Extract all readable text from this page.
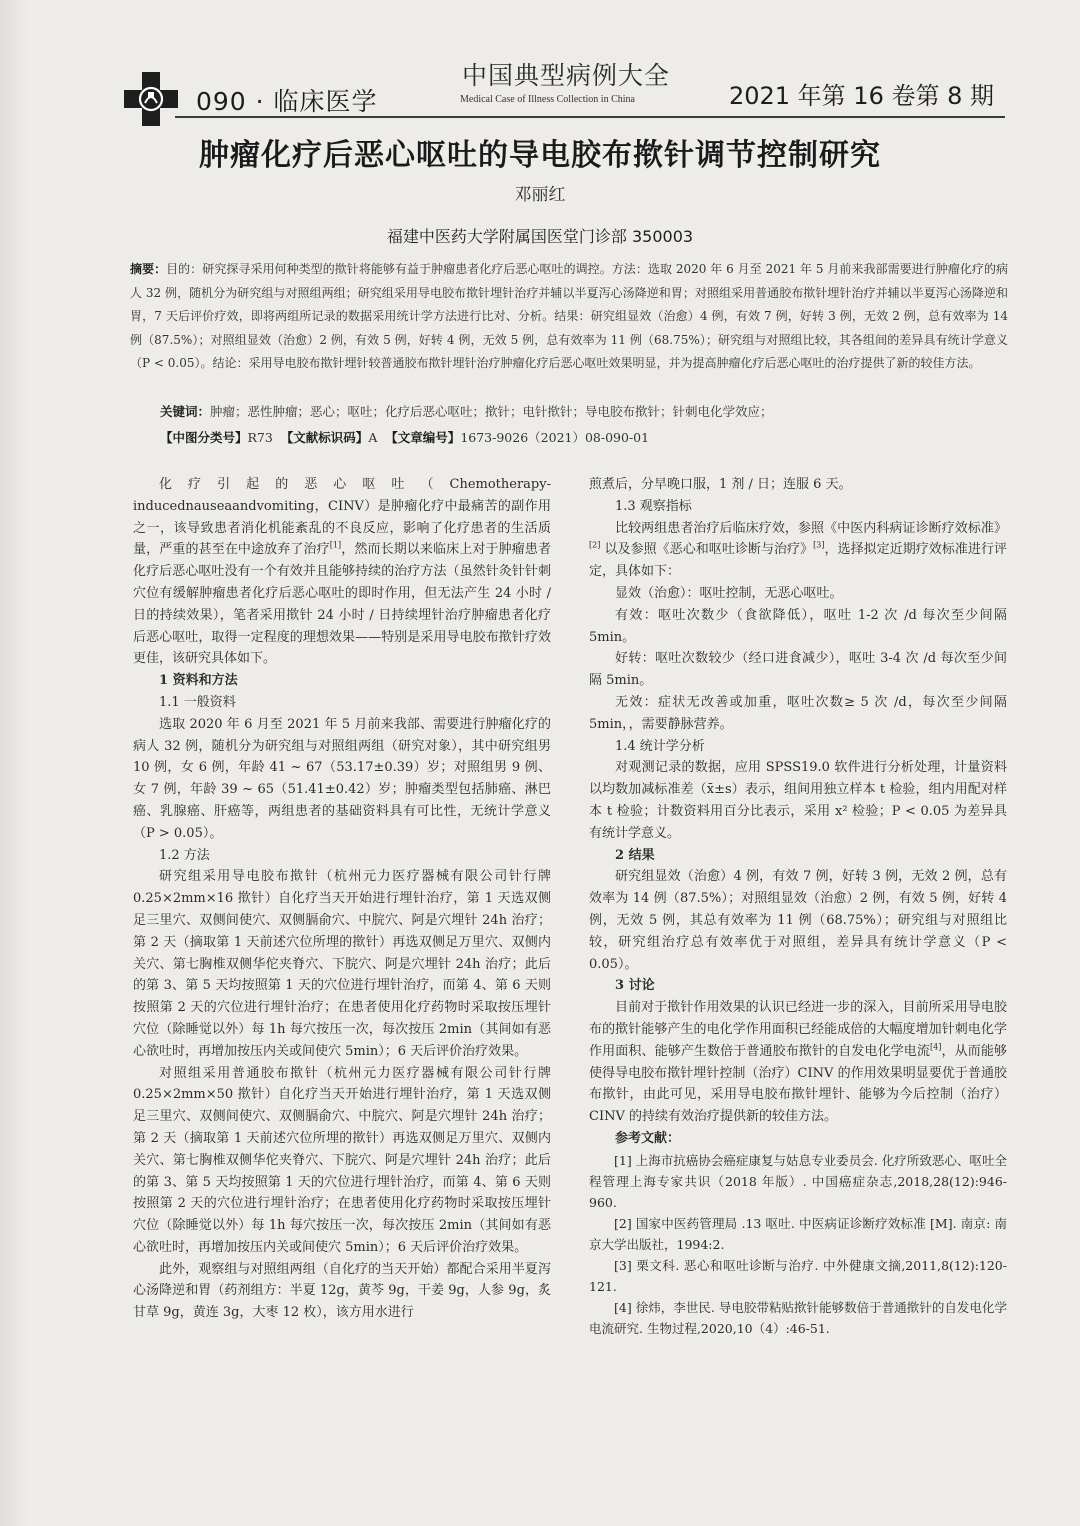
090 · 临床医学
中国典型病例大全
Medical Case of Illness Collection in China	2021 年第 16 卷第 8 期
肿瘤化疗后恶心呕吐的导电胶布揿针调节控制研究
邓丽红
福建中医药大学附属国医堂门诊部 350003
摘要：目的：研究探寻采用何种类型的揿针将能够有益于肿瘤患者化疗后恶心呕吐的调控。方法：选取 2020 年 6 月至 2021 年 5 月前来我部需要进行肿瘤化疗的病人 32 例，随机分为研究组与对照组两组；研究组采用导电胶布揿针埋针治疗并辅以半夏泻心汤降逆和胃；对照组采用普通胶布揿针埋针治疗并辅以半夏泻心汤降逆和胃，7 天后评价疗效，即将两组所记录的数据采用统计学方法进行比对、分析。结果：研究组显效（治愈）4 例，有效 7 例，好转 3 例，无效 2 例，总有效率为 14 例（87.5%）；对照组显效（治愈）2 例，有效 5 例，好转 4 例，无效 5 例，总有效率为 11 例（68.75%）；研究组与对照组比较，其各组间的差异具有统计学意义（P < 0.05）。结论：采用导电胶布揿针埋针较普通胶布揿针埋针治疗肿瘤化疗后恶心呕吐效果明显，并为提高肿瘤化疗后恶心呕吐的治疗提供了新的较佳方法。
关键词：肿瘤；恶性肿瘤；恶心；呕吐；化疗后恶心呕吐；揿针；电针揿针；导电胶布揿针；针刺电化学效应；
【中图分类号】R73 【文献标识码】A 【文章编号】1673-9026（2021）08-090-01

化疗引起的恶心呕吐（Chemotherapy-inducednauseaandvomiting，CINV）是肿瘤化疗中最痛苦的副作用之一，该导致患者消化机能紊乱的不良反应，影响了化疗患者的生活质量，严重的甚至在中途放弃了治疗[1]，然而长期以来临床上对于肿瘤患者化疗后恶心呕吐没有一个有效并且能够持续的治疗方法（虽然针灸针针刺穴位有缓解肿瘤患者化疗后恶心呕吐的即时作用，但无法产生 24 小时 / 日的持续效果），笔者采用揿针 24 小时 / 日持续埋针治疗肿瘤患者化疗后恶心呕吐，取得一定程度的理想效果——特别是采用导电胶布揿针疗效更佳，该研究具体如下。

1 资料和方法
1.1 一般资料

选取 2020 年 6 月至 2021 年 5 月前来我部、需要进行肿瘤化疗的病人 32 例，随机分为研究组与对照组两组（研究对象），其中研究组男 10 例，女 6 例，年龄 41 ~ 67（53.17±0.39）岁；对照组男 9 例、女 7 例，年龄 39 ~ 65（51.41±0.42）岁；肿瘤类型包括肺癌、淋巴癌、乳腺癌、肝癌等，两组患者的基础资料具有可比性，无统计学意义（P > 0.05）。

1.2 方法

研究组采用导电胶布揿针（杭州元力医疗器械有限公司针行牌 0.25×2mm×16 揿针）自化疗当天开始进行埋针治疗，第 1 天选双侧足三里穴、双侧间使穴、双侧膈俞穴、中脘穴、阿是穴埋针 24h 治疗；第 2 天（摘取第 1 天前述穴位所埋的揿针）再选双侧足万里穴、双侧内关穴、第七胸椎双侧华佗夹脊穴、下脘穴、阿是穴埋针 24h 治疗；此后的第 3、第 5 天均按照第 1 天的穴位进行埋针治疗，而第 4、第 6 天则按照第 2 天的穴位进行埋针治疗；在患者使用化疗药物时采取按压埋针穴位（除睡觉以外）每 1h 每穴按压一次，每次按压 2min（其间如有恶心欲吐时，再增加按压内关或间使穴 5min）；6 天后评价治疗效果。

对照组采用普通胶布揿针（杭州元力医疗器械有限公司针行牌 0.25×2mm×50 揿针）自化疗当天开始进行埋针治疗，第 1 天选双侧足三里穴、双侧间使穴、双侧膈俞穴、中脘穴、阿是穴埋针 24h 治疗；第 2 天（摘取第 1 天前述穴位所埋的揿针）再选双侧足万里穴、双侧内关穴、第七胸椎双侧华佗夹脊穴、下脘穴、阿是穴埋针 24h 治疗；此后的第 3、第 5 天均按照第 1 天的穴位进行埋针治疗，而第 4、第 6 天则按照第 2 天的穴位进行埋针治疗；在患者使用化疗药物时采取按压埋针穴位（除睡觉以外）每 1h 每穴按压一次，每次按压 2min（其间如有恶心欲吐时，再增加按压内关或间使穴 5min）；6 天后评价治疗效果。

此外，观察组与对照组两组（自化疗的当天开始）都配合采用半夏泻心汤降逆和胃（药剂组方：半夏 12g，黄芩 9g，干姜 9g，人参 9g，炙甘草 9g，黄连 3g，大枣 12 枚），该方用水进行

煎煮后，分早晚口服，1 剂 / 日；连服 6 天。

1.3 观察指标

比较两组患者治疗后临床疗效，参照《中医内科病证诊断疗效标准》[2] 以及参照《恶心和呕吐诊断与治疗》[3]，选择拟定近期疗效标准进行评定，具体如下：

显效（治愈）：呕吐控制，无恶心呕吐。

有效：呕吐次数少（食欲降低），呕吐 1-2 次 /d 每次至少间隔 5min。

好转：呕吐次数较少（经口进食减少），呕吐 3-4 次 /d 每次至少间隔 5min。

无效：症状无改善或加重，呕吐次数≥ 5 次 /d，每次至少间隔 5min，，需要静脉营养。

1.4 统计学分析

对观测记录的数据，应用 SPSS19.0 软件进行分析处理，计量资料以均数加减标准差（x̄±s）表示，组间用独立样本 t 检验，组内用配对样本 t 检验；计数资料用百分比表示，采用 x² 检验；P < 0.05 为差异具有统计学意义。

2 结果

研究组显效（治愈）4 例，有效 7 例，好转 3 例，无效 2 例，总有效率为 14 例（87.5%）；对照组显效（治愈）2 例，有效 5 例，好转 4 例，无效 5 例，其总有效率为 11 例（68.75%）；研究组与对照组比较，研究组治疗总有效率优于对照组，差异具有统计学意义（P < 0.05）。

3 讨论

目前对于揿针作用效果的认识已经进一步的深入，目前所采用导电胶布的揿针能够产生的电化学作用面积已经能成倍的大幅度增加针刺电化学作用面积、能够产生数倍于普通胶布揿针的自发电化学电流[4]，从而能够使得导电胶布揿针埋针控制（治疗）CINV 的作用效果明显要优于普通胶布揿针，由此可见，采用导电胶布揿针埋针、能够为今后控制（治疗）CINV 的持续有效治疗提供新的较佳方法。

参考文献：

[1] 上海市抗癌协会癌症康复与姑息专业委员会. 化疗所致恶心、呕吐全程管理上海专家共识（2018 年版）. 中国癌症杂志,2018,28(12):946-960.

[2] 国家中医药管理局 .13 呕吐. 中医病证诊断疗效标准 [M]. 南京: 南京大学出版社，1994:2.

[3] 栗文科. 恶心和呕吐诊断与治疗. 中外健康文摘,2011,8(12):120-121.

[4] 徐炜，李世民. 导电胶带粘贴揿针能够数倍于普通揿针的自发电化学电流研究. 生物过程,2020,10（4）:46-51.
